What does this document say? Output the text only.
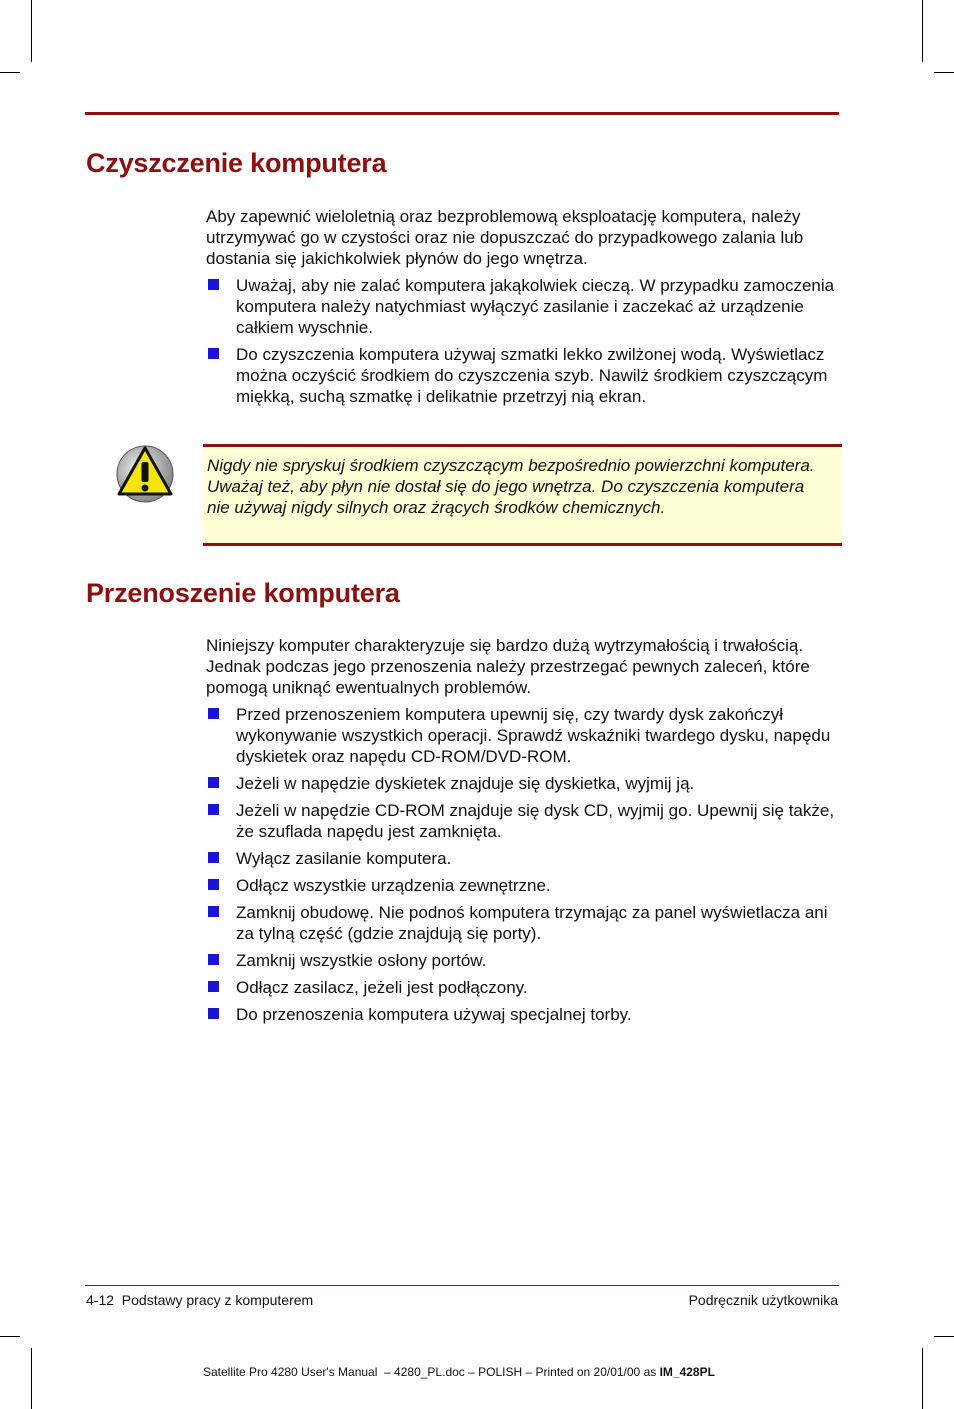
Czyszczenie komputera

Aby zapewnić wieloletnią oraz bezproblemową eksploatację komputera, należy utrzymywać go w czystości oraz nie dopuszczać do przypadkowego zalania lub dostania się jakichkolwiek płynów do jego wnętrza.

Uważaj, aby nie zalać komputera jakąkolwiek cieczą. W przypadku zamoczenia komputera należy natychmiast wyłączyć zasilanie i zaczekać aż urządzenie całkiem wyschnie.
Do czyszczenia komputera używaj szmatki lekko zwilżonej wodą. Wyświetlacz można oczyścić środkiem do czyszczenia szyb. Nawilż środkiem czyszczącym miękką, suchą szmatkę i delikatnie przetrzyj nią ekran.

Nigdy nie spryskuj środkiem czyszczącym bezpośrednio powierzchni komputera. Uważaj też, aby płyn nie dostał się do jego wnętrza. Do czyszczenia komputera nie używaj nigdy silnych oraz żrących środków chemicznych.

Przenoszenie komputera

Niniejszy komputer charakteryzuje się bardzo dużą wytrzymałością i trwałością. Jednak podczas jego przenoszenia należy przestrzegać pewnych zaleceń, które pomogą uniknąć ewentualnych problemów.

Przed przenoszeniem komputera upewnij się, czy twardy dysk zakończył wykonywanie wszystkich operacji. Sprawdź wskaźniki twardego dysku, napędu dyskietek oraz napędu CD-ROM/DVD-ROM.
Jeżeli w napędzie dyskietek znajduje się dyskietka, wyjmij ją.
Jeżeli w napędzie CD-ROM znajduje się dysk CD, wyjmij go. Upewnij się także, że szuflada napędu jest zamknięta.
Wyłącz zasilanie komputera.
Odłącz wszystkie urządzenia zewnętrzne.
Zamknij obudowę. Nie podnoś komputera trzymając za panel wyświetlacza ani za tylną część (gdzie znajdują się porty).
Zamknij wszystkie osłony portów.
Odłącz zasilacz, jeżeli jest podłączony.
Do przenoszenia komputera używaj specjalnej torby.
4-12  Podstawy pracy z komputerem	Podręcznik użytkownika
Satellite Pro 4280 User's Manual  – 4280_PL.doc – POLISH – Printed on 20/01/00 as IM_428PL
